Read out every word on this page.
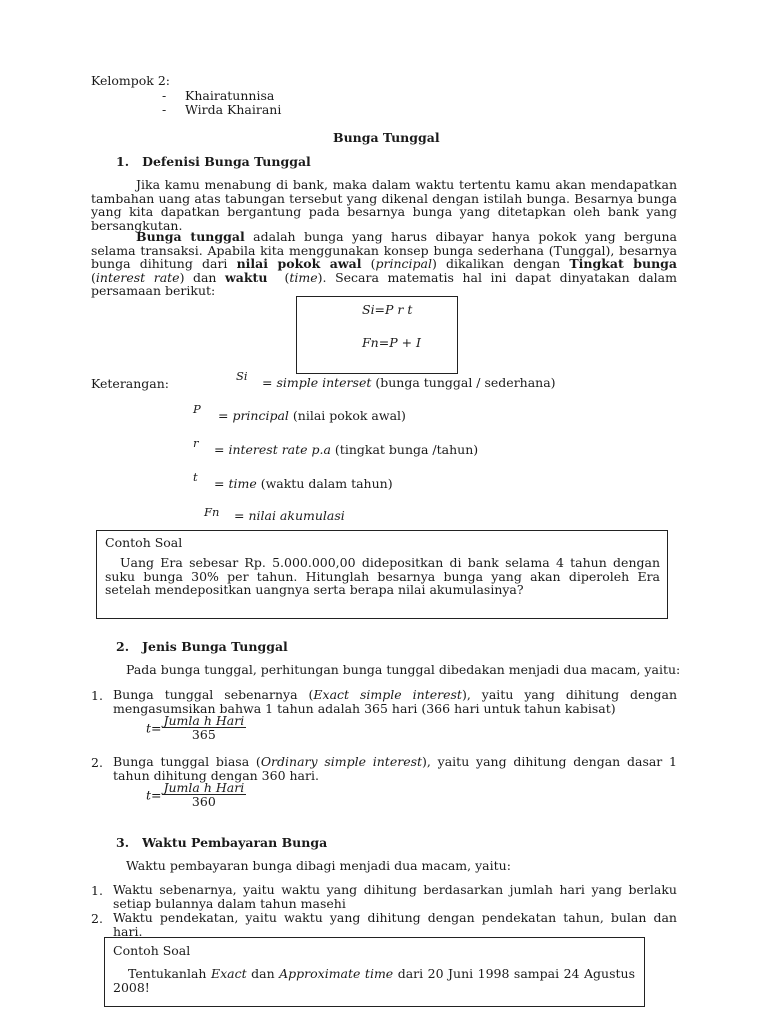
Kelompok 2:
- Khairatunnisa
- Wirda Khairani
Bunga Tunggal
1.   Defenisi Bunga Tunggal
Jika kamu menabung di bank, maka dalam waktu tertentu kamu akan mendapatkan tambahan uang atas tabungan tersebut yang dikenal dengan istilah bunga. Besarnya bunga yang kita dapatkan bergantung pada besarnya bunga yang ditetapkan oleh bank yang bersangkutan.
Bunga tunggal adalah bunga yang harus dibayar hanya pokok yang berguna selama transaksi. Apabila kita menggunakan konsep bunga sederhana (Tunggal), besarnya bunga dihitung dari nilai pokok awal (principal) dikalikan dengan Tingkat bunga (interest rate) dan waktu  (time). Secara matematis hal ini dapat dinyatakan dalam persamaan berikut:
Si=P r t
Fn=P + I
Keterangan:	Si = simple interset (bunga tunggal / sederhana)
P = principal (nilai pokok awal)
r = interest rate p.a (tingkat bunga /tahun)
t = time (waktu dalam tahun)
Fn = nilai akumulasi
Contoh Soal
Uang Era sebesar Rp. 5.000.000,00 didepositkan di bank selama 4 tahun dengan suku bunga 30% per tahun. Hitunglah besarnya bunga yang akan diperoleh Era setelah mendepositkan uangnya serta berapa nilai akumulasinya?
2.   Jenis Bunga Tunggal
Pada bunga tunggal, perhitungan bunga tunggal dibedakan menjadi dua macam, yaitu:
1. Bunga tunggal sebenarnya (Exact simple interest), yaitu yang dihitung dengan mengasumsikan bahwa 1 tahun adalah 365 hari (366 hari untuk tahun kabisat)
$t= \frac{\text{Jumla h Hari}}{365}$
2. Bunga tunggal biasa (Ordinary simple interest), yaitu yang dihitung dengan dasar 1 tahun dihitung dengan 360 hari.
$t= \frac{\text{Jumla h Hari}}{360}$
3.   Waktu Pembayaran Bunga
Waktu pembayaran bunga dibagi menjadi dua macam, yaitu:
1. Waktu sebenarnya, yaitu waktu yang dihitung berdasarkan jumlah hari yang berlaku setiap bulannya dalam tahun masehi
2. Waktu pendekatan, yaitu waktu yang dihitung dengan pendekatan tahun, bulan dan hari.
Contoh Soal
Tentukanlah Exact dan Approximate time dari 20 Juni 1998 sampai 24 Agustus 2008!
